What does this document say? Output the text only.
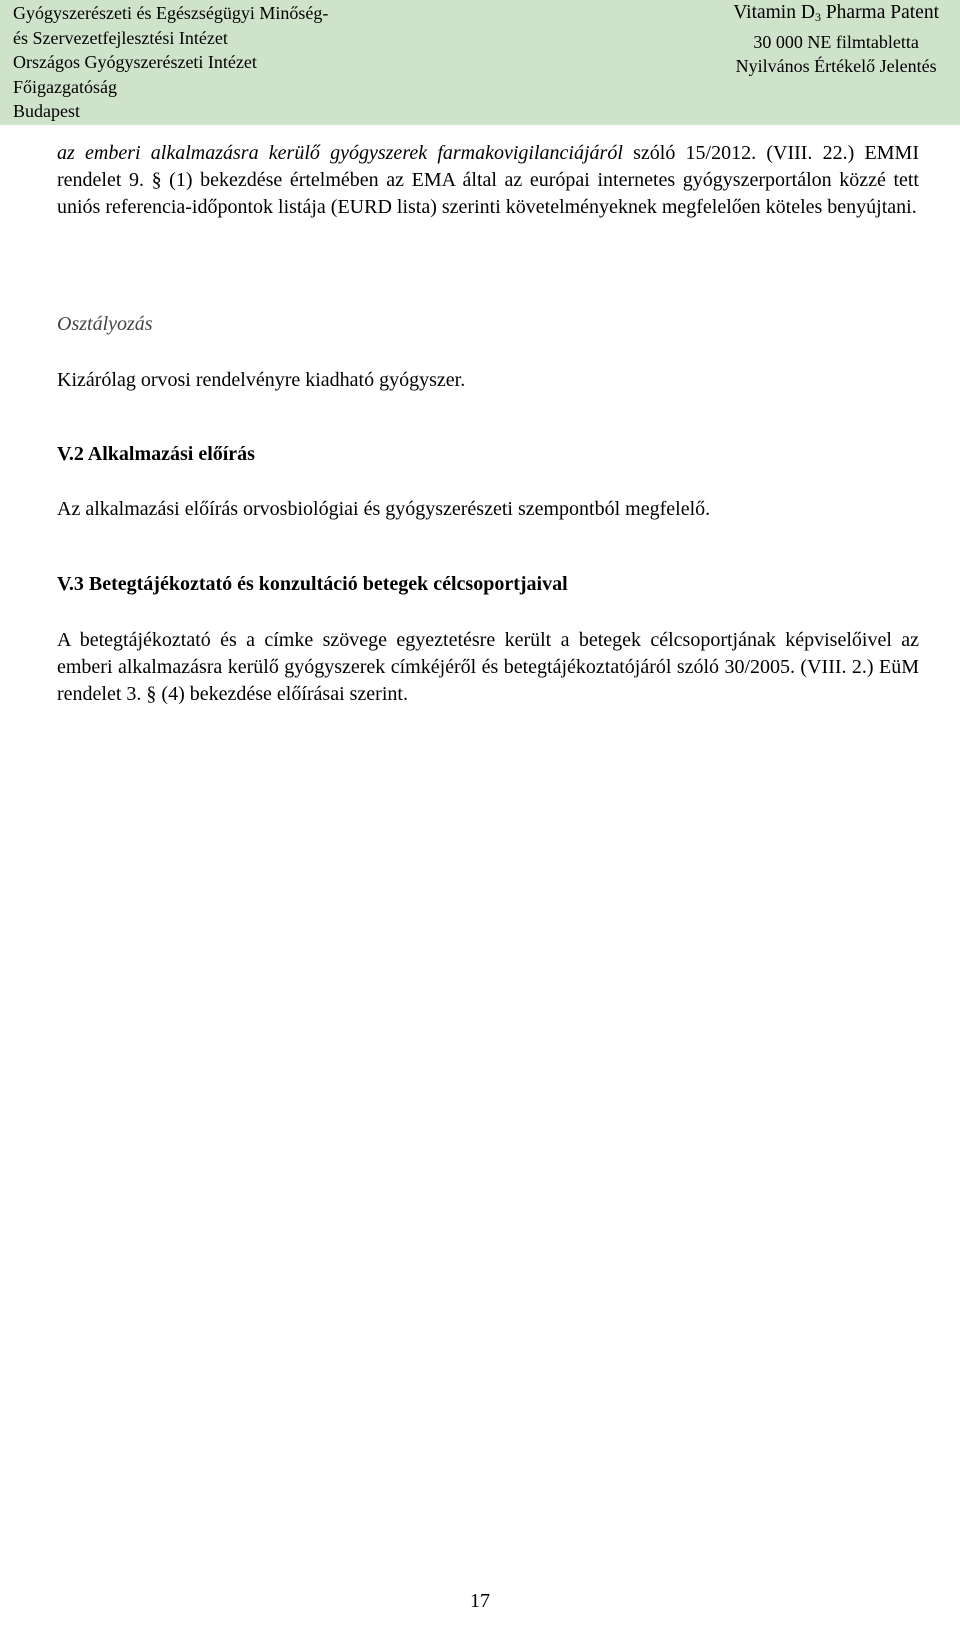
Gyógyszerészeti és Egészségügyi Minőség-
és Szervezetfejlesztési Intézet
Országos Gyógyszerészeti Intézet
Főigazgatóság
Budapest
Vitamin $D_3$ Pharma Patent
30 000 NE filmtabletta
Nyilvános Értékelő Jelentés

az emberi alkalmazásra kerülő gyógyszerek farmakovigilanciájáról szóló 15/2012. (VIII. 22.) EMMI rendelet 9. § (1) bekezdése értelmében az EMA által az európai internetes gyógyszerportálon közzé tett uniós referencia-időpontok listája (EURD lista) szerinti követelményeknek megfelelően köteles benyújtani.

Osztályozás

Kizárólag orvosi rendelvényre kiadható gyógyszer.

V.2 Alkalmazási előírás

Az alkalmazási előírás orvosbiológiai és gyógyszerészeti szempontból megfelelő.

V.3 Betegtájékoztató és konzultáció betegek célcsoportjaival

A betegtájékoztató és a címke szövege egyeztetésre került a betegek célcsoportjának képviselőivel az emberi alkalmazásra kerülő gyógyszerek címkéjéről és betegtájékoztatójáról szóló 30/2005. (VIII. 2.) EüM rendelet 3. § (4) bekezdése előírásai szerint.

17
